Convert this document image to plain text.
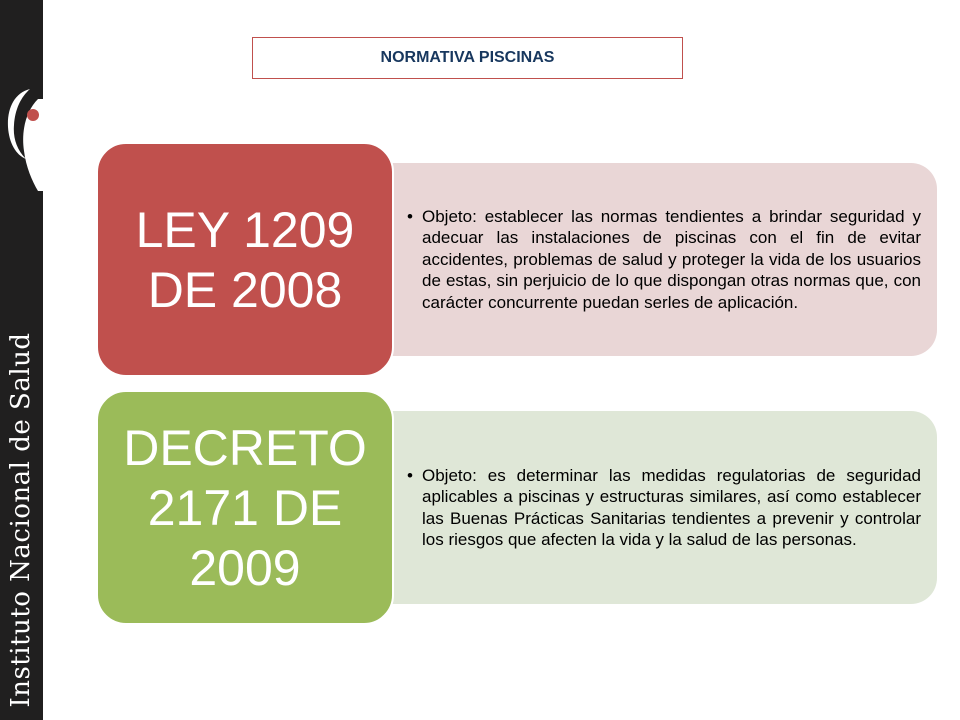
Instituto Nacional de Salud
NORMATIVA PISCINAS
• Objeto: establecer las normas tendientes a brindar seguridad y adecuar las instalaciones de piscinas con el fin de evitar accidentes, problemas de salud y proteger la vida de los usuarios de estas, sin perjuicio de lo que dispongan otras normas que, con carácter concurrente puedan serles de aplicación.
LEY 1209
DE 2008
• Objeto: es determinar las medidas regulatorias de seguridad aplicables a piscinas y estructuras similares, así como establecer las Buenas Prácticas Sanitarias tendientes a prevenir y controlar los riesgos que afecten la vida y la salud de las personas.
DECRETO
2171 DE
2009
